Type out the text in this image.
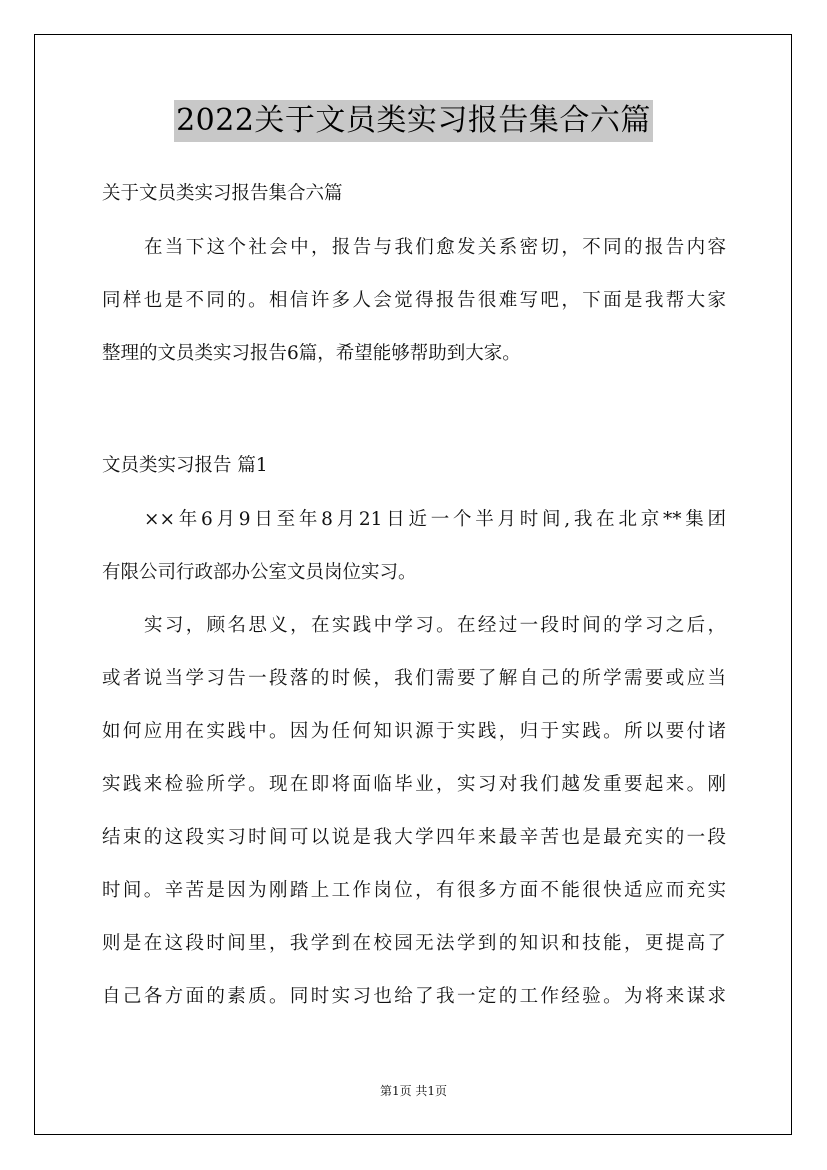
2022关于文员类实习报告集合六篇
关于文员类实习报告集合六篇
在当下这个社会中，报告与我们愈发关系密切，不同的报告内容
同样也是不同的。相信许多人会觉得报告很难写吧，下面是我帮大家
整理的文员类实习报告6篇，希望能够帮助到大家。
文员类实习报告 篇1
××年6月9日至年8月21日近一个半月时间,我在北京**集团
有限公司行政部办公室文员岗位实习。
实习，顾名思义，在实践中学习。在经过一段时间的学习之后，
或者说当学习告一段落的时候，我们需要了解自己的所学需要或应当
如何应用在实践中。因为任何知识源于实践，归于实践。所以要付诸
实践来检验所学。现在即将面临毕业，实习对我们越发重要起来。刚
结束的这段实习时间可以说是我大学四年来最辛苦也是最充实的一段
时间。辛苦是因为刚踏上工作岗位，有很多方面不能很快适应而充实
则是在这段时间里，我学到在校园无法学到的知识和技能，更提高了
自己各方面的素质。同时实习也给了我一定的工作经验。为将来谋求
第1页 共1页
